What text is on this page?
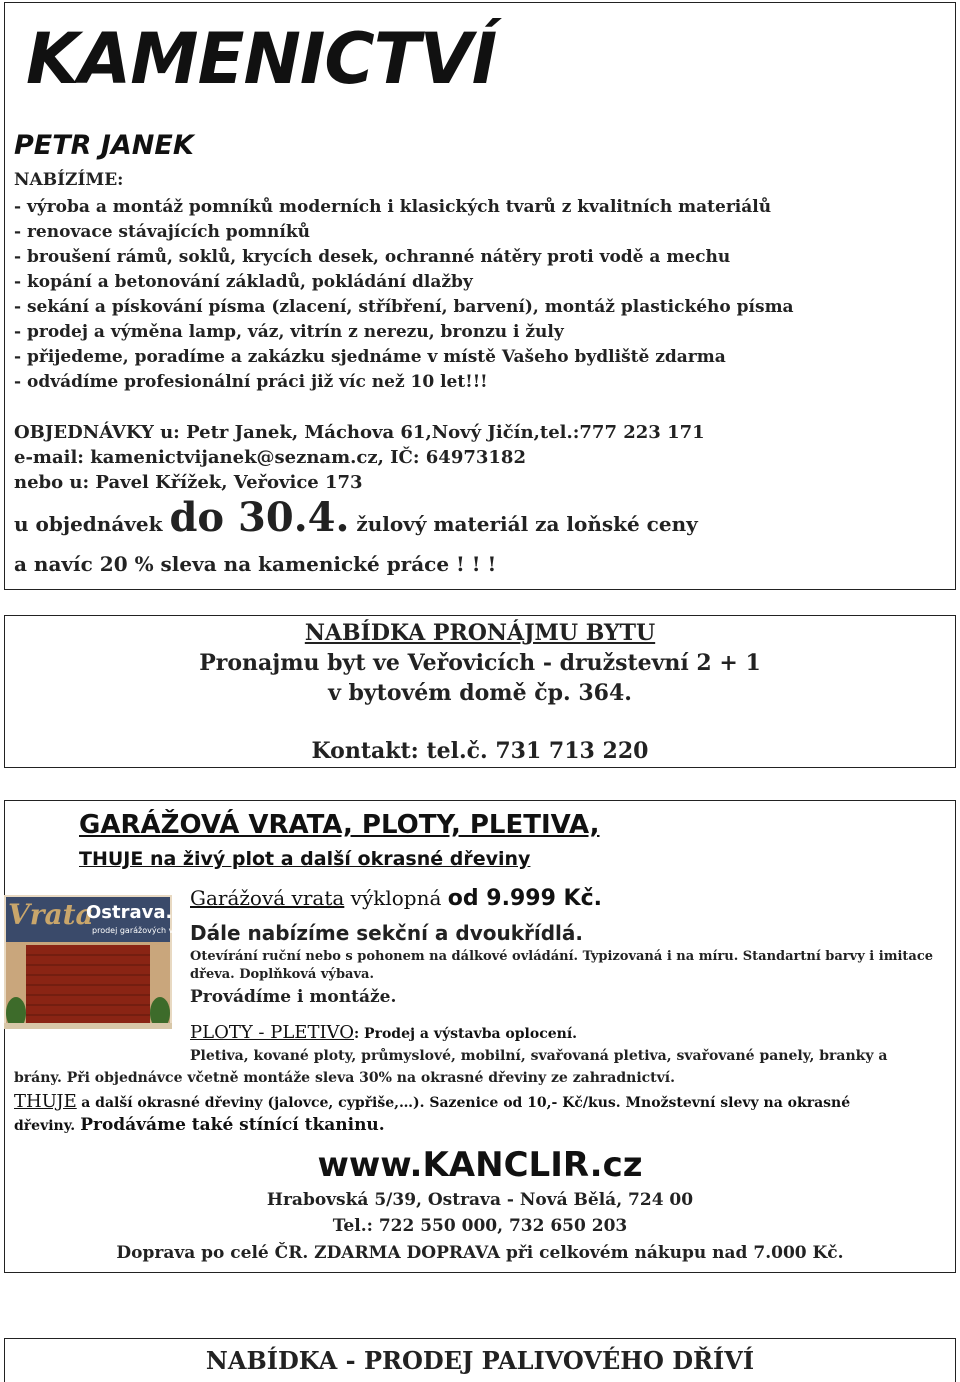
KAMENICTVÍ
PETR JANEK
NABÍZÍME:
- výroba a montáž pomníků moderních i klasických tvarů z kvalitních materiálů
- renovace stávajících pomníků
- broušení rámů, soklů, krycích desek, ochranné nátěry proti vodě a mechu
- kopání a betonování základů, pokládání dlažby
- sekání a pískování písma (zlacení, stříbření, barvení), montáž plastického písma
- prodej a výměna lamp, váz, vitrín z nerezu, bronzu i žuly
- přijedeme, poradíme a zakázku sjednáme v místě Vašeho bydliště zdarma
- odvádíme profesionální práci již víc než 10 let!!!
OBJEDNÁVKY u: Petr Janek, Máchova 61,Nový Jičín,tel.:777 223 171
e-mail: kamenictvijanek@seznam.cz, IČ: 64973182
nebo u: Pavel Křížek, Veřovice 173
u objednávek do 30.4. žulový materiál za loňské ceny
a navíc 20 % sleva na kamenické práce ! ! !
NABÍDKA PRONÁJMU BYTU
Pronajmu byt ve Veřovicích - družstevní 2 + 1
v bytovém domě čp. 364.
Kontakt: tel.č. 731 713 220
GARÁŽOVÁ VRATA, PLOTY, PLETIVA,
THUJE na živý plot a další okrasné dřeviny
Vrata
Ostrava.cz
prodej garážových vrat
Garážová vrata výklopná od 9.999 Kč.
Dále nabízíme sekční a dvoukřídlá.
Otevírání ruční nebo s pohonem na dálkové ovládání. Typizovaná i na míru. Standartní barvy i imitace
dřeva. Doplňková výbava.
Provádíme i montáže.
PLOTY - PLETIVO: Prodej a výstavba oplocení.
Pletiva, kované ploty, průmyslové, mobilní, svařovaná pletiva, svařované panely, branky a
brány. Při objednávce včetně montáže sleva 30% na okrasné dřeviny ze zahradnictví.
THUJE a další okrasné dřeviny (jalovce, cypřiše,…). Sazenice od 10,- Kč/kus. Množstevní slevy na okrasné
dřeviny. Prodáváme také stínící tkaninu.
www.KANCLIR.cz
Hrabovská 5/39, Ostrava - Nová Bělá, 724 00
Tel.: 722 550 000, 732 650 203
Doprava po celé ČR. ZDARMA DOPRAVA při celkovém nákupu nad 7.000 Kč.
NABÍDKA - PRODEJ PALIVOVÉHO DŘÍVÍ
